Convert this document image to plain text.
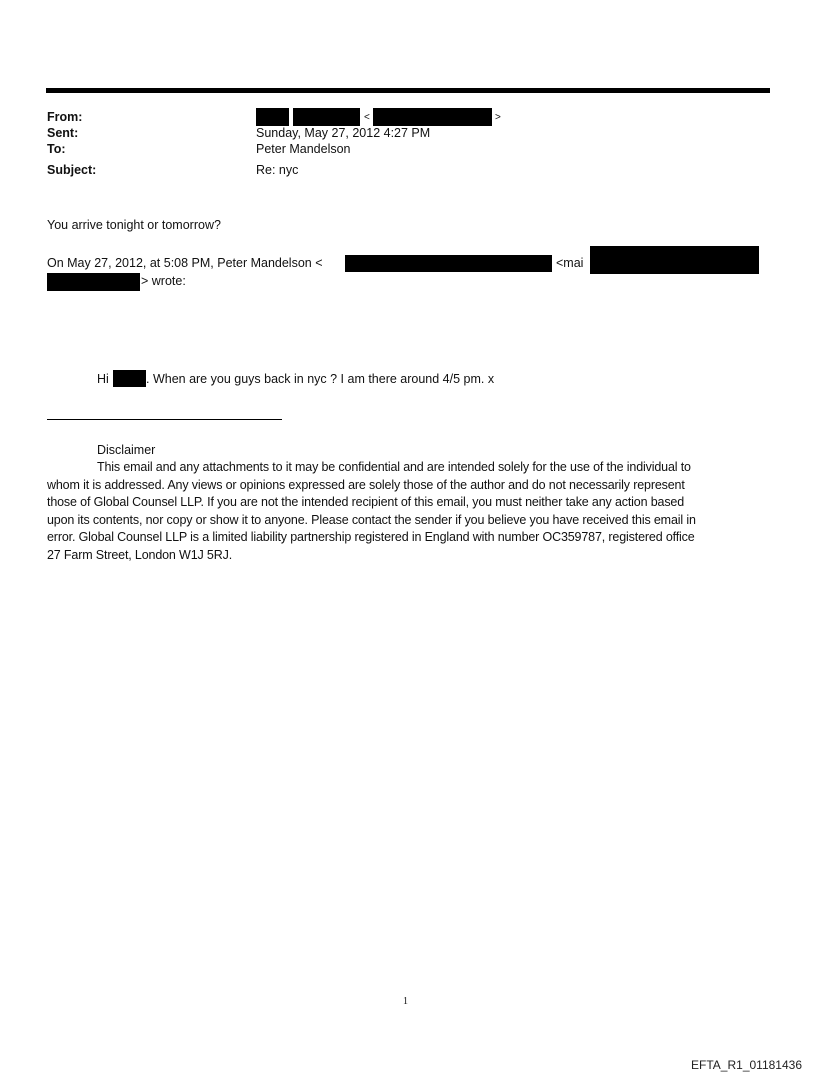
From:	<	>
Sent:	Sunday, May 27, 2012 4:27 PM
To:	Peter Mandelson
Subject:	Re: nyc
You arrive tonight or tomorrow?
On May 27, 2012, at 5:08 PM, Peter Mandelson <	<mai
> wrote:
Hi	. When are you guys back in nyc ? I am there around 4/5 pm. x
Disclaimer
This email and any attachments to it may be confidential and are intended solely for the use of the individual to
whom it is addressed. Any views or opinions expressed are solely those of the author and do not necessarily represent
those of Global Counsel LLP. If you are not the intended recipient of this email, you must neither take any action based
upon its contents, nor copy or show it to anyone. Please contact the sender if you believe you have received this email in
error. Global Counsel LLP is a limited liability partnership registered in England with number OC359787, registered office
27 Farm Street, London W1J 5RJ.
1
EFTA_R1_01181436
